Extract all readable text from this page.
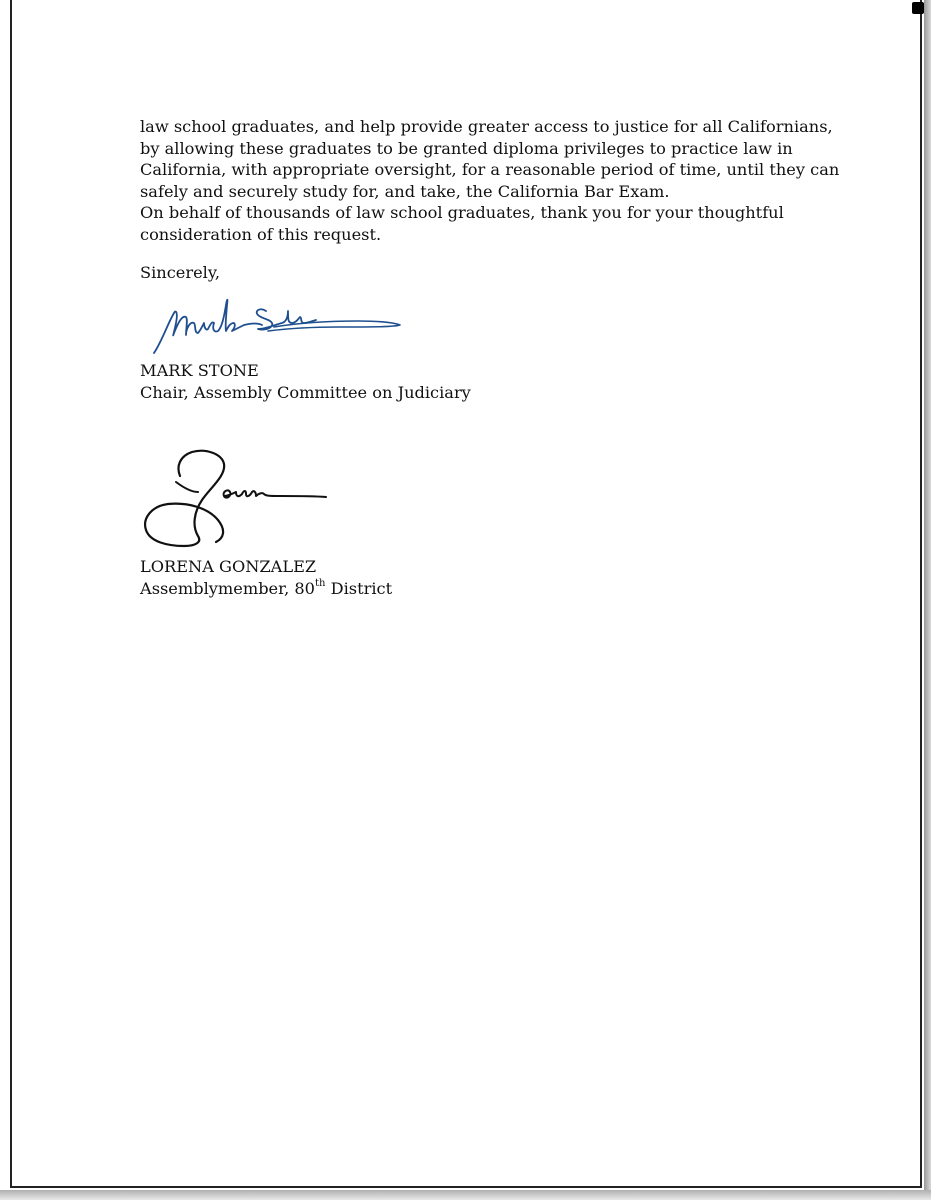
law school graduates, and help provide greater access to justice for all Californians,
by allowing these graduates to be granted diploma privileges to practice law in
California, with appropriate oversight, for a reasonable period of time, until they can
safely and securely study for, and take, the California Bar Exam.
On behalf of thousands of law school graduates, thank you for your thoughtful
consideration of this request.
Sincerely,
MARK STONE
Chair, Assembly Committee on Judiciary
LORENA GONZALEZ
Assemblymember, 80th District
